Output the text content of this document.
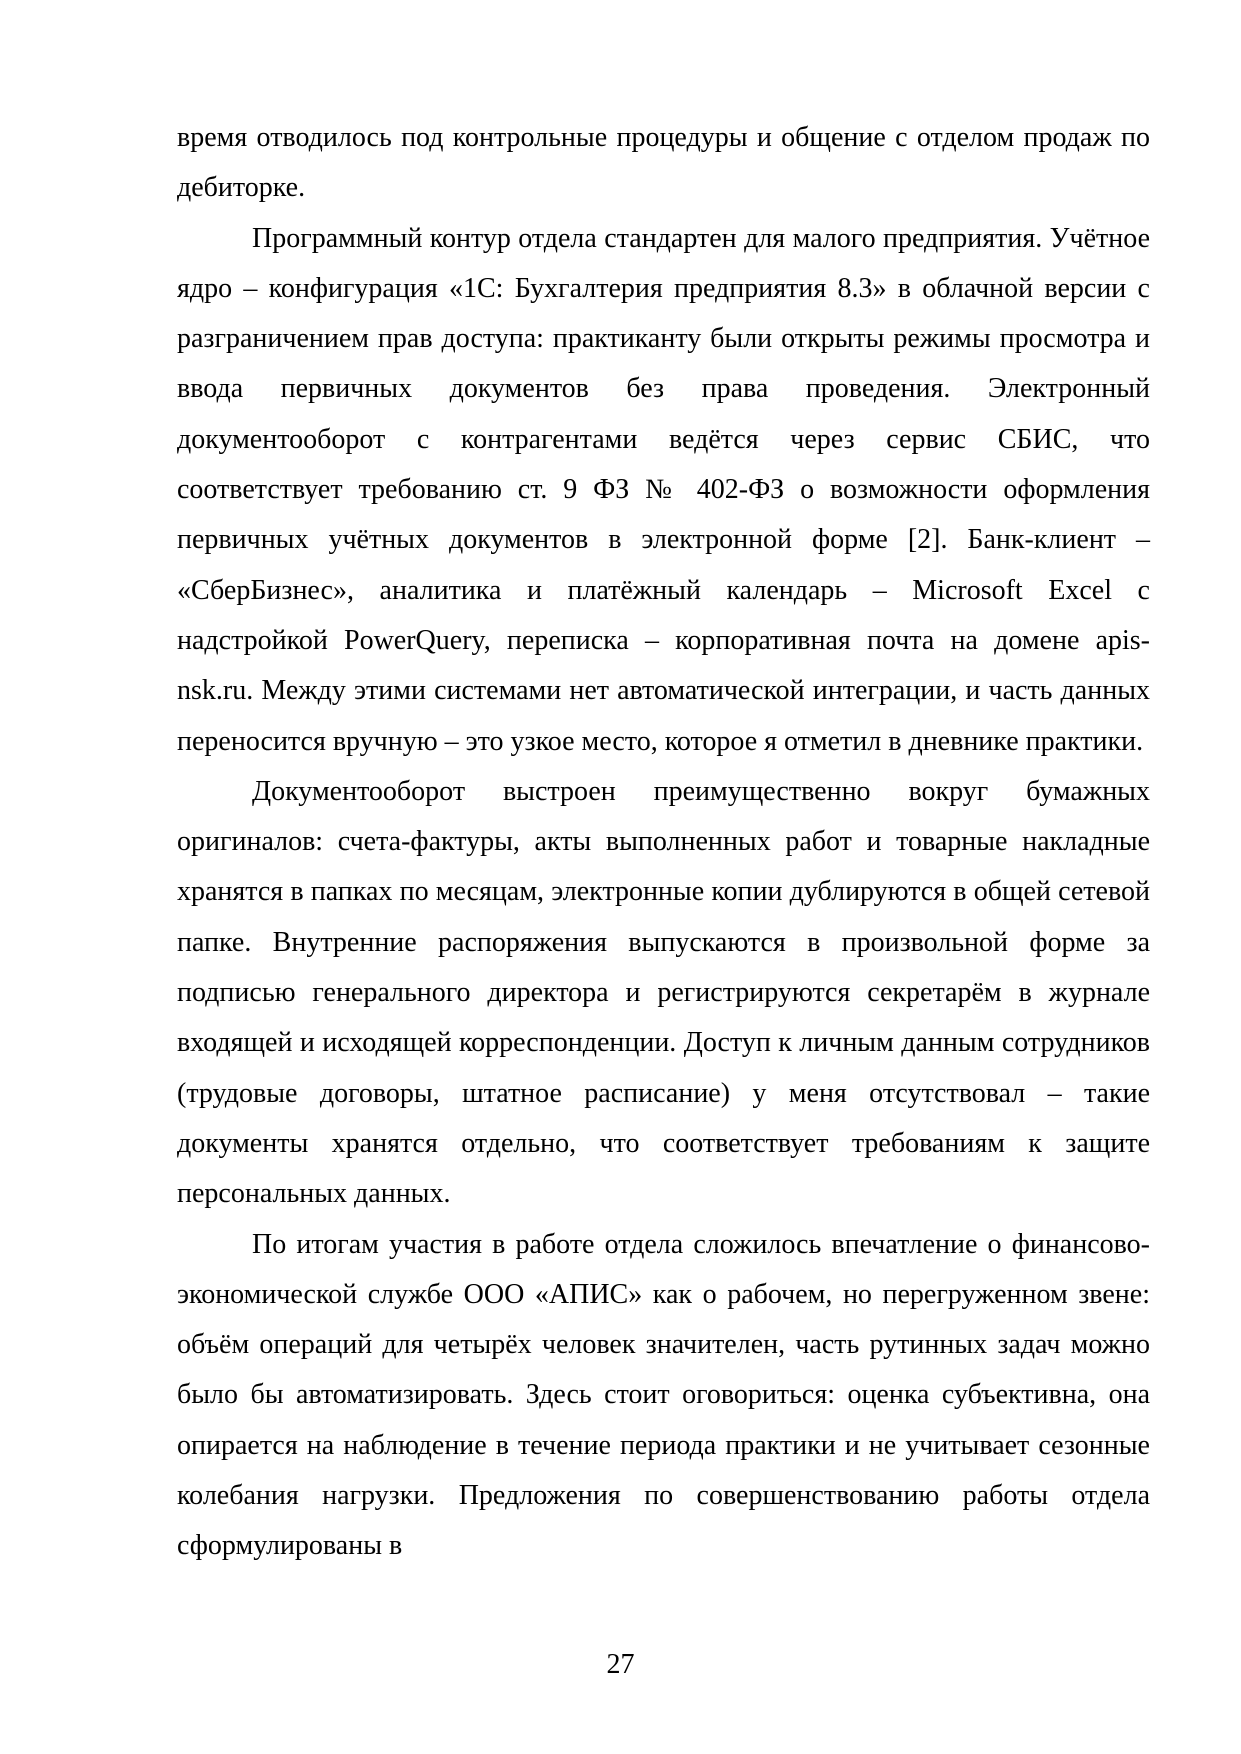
время отводилось под контрольные процедуры и общение с отделом продаж по дебиторке.

Программный контур отдела стандартен для малого предприятия. Учётное ядро – конфигурация «1С: Бухгалтерия предприятия 8.3» в облачной версии с разграничением прав доступа: практиканту были открыты режимы просмотра и ввода первичных документов без права проведения. Электронный документооборот с контрагентами ведётся через сервис СБИС, что соответствует требованию ст. 9 ФЗ № 402-ФЗ о возможности оформления первичных учётных документов в электронной форме [2]. Банк-клиент – «СберБизнес», аналитика и платёжный календарь – Microsoft Excel с надстройкой PowerQuery, переписка – корпоративная почта на домене apis-nsk.ru. Между этими системами нет автоматической интеграции, и часть данных переносится вручную – это узкое место, которое я отметил в дневнике практики.

Документооборот выстроен преимущественно вокруг бумажных оригиналов: счета-фактуры, акты выполненных работ и товарные накладные хранятся в папках по месяцам, электронные копии дублируются в общей сетевой папке. Внутренние распоряжения выпускаются в произвольной форме за подписью генерального директора и регистрируются секретарём в журнале входящей и исходящей корреспонденции. Доступ к личным данным сотрудников (трудовые договоры, штатное расписание) у меня отсутствовал – такие документы хранятся отдельно, что соответствует требованиям к защите персональных данных.

По итогам участия в работе отдела сложилось впечатление о финансово-экономической службе ООО «АПИС» как о рабочем, но перегруженном звене: объём операций для четырёх человек значителен, часть рутинных задач можно было бы автоматизировать. Здесь стоит оговориться: оценка субъективна, она опирается на наблюдение в течение периода практики и не учитывает сезонные колебания нагрузки. Предложения по совершенствованию работы отдела сформулированы в

27
